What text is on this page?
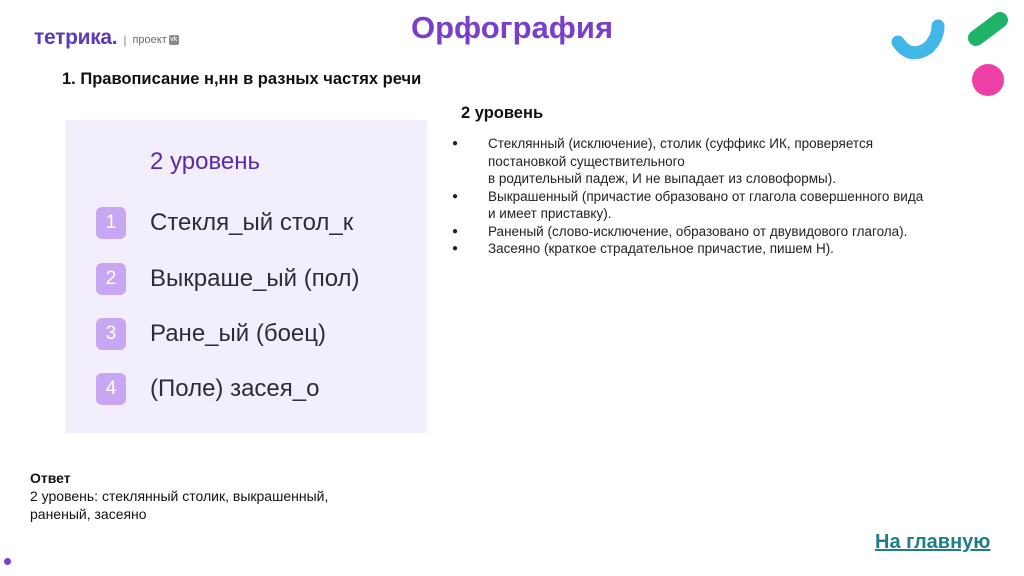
тетрика. | проект vk	Орфография
1. Правописание н,нн в разных частях речи
2 уровень
1	Стекля_ый стол_к
2	Выкраше_ый (пол)
3	Ране_ый (боец)
4	(Поле) засея_о
2 уровень
● Стеклянный (исключение), столик (суффикс ИК, проверяется
постановкой существительного
в родительный падеж, И не выпадает из словоформы).
● Выкрашенный (причастие образовано от глагола совершенного вида
и имеет приставку).
● Раненый (слово-исключение, образовано от двувидового глагола).
● Засеяно (краткое страдательное причастие, пишем Н).
Ответ
2 уровень: стеклянный столик, выкрашенный,
раненый, засеяно
На главную
